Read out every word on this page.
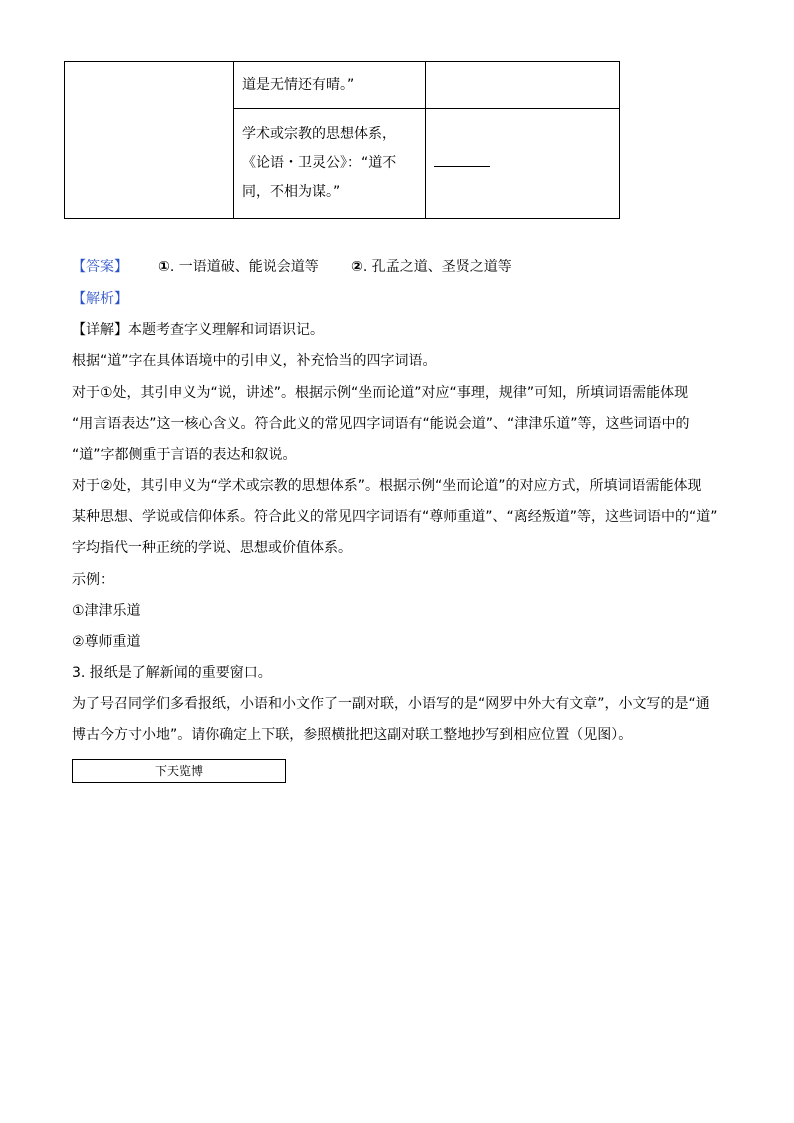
	道是无情还有晴。”	

	学术或宗教的思想体系，
《论语・卫灵公》：“道不
同，不相为谋。”	

【答案】 ①. 一语道破、能说会道等 ②. 孔孟之道、圣贤之道等
【解析】
【详解】本题考查字义理解和词语识记。
根据“道”字在具体语境中的引申义，补充恰当的四字词语。
对于①处，其引申义为“说，讲述”。根据示例“坐而论道”对应“事理，规律”可知，所填词语需能体现
“用言语表达”这一核心含义。符合此义的常见四字词语有“能说会道”、“津津乐道”等，这些词语中的
“道”字都侧重于言语的表达和叙说。
对于②处，其引申义为“学术或宗教的思想体系”。根据示例“坐而论道”的对应方式，所填词语需能体现
某种思想、学说或信仰体系。符合此义的常见四字词语有“尊师重道”、“离经叛道”等，这些词语中的“道”
字均指代一种正统的学说、思想或价值体系。
示例：
①津津乐道
②尊师重道
3. 报纸是了解新闻的重要窗口。
为了号召同学们多看报纸，小语和小文作了一副对联，小语写的是“网罗中外大有文章”，小文写的是“通
博古今方寸小地”。请你确定上下联，参照横批把这副对联工整地抄写到相应位置（见图）。
下天览博
